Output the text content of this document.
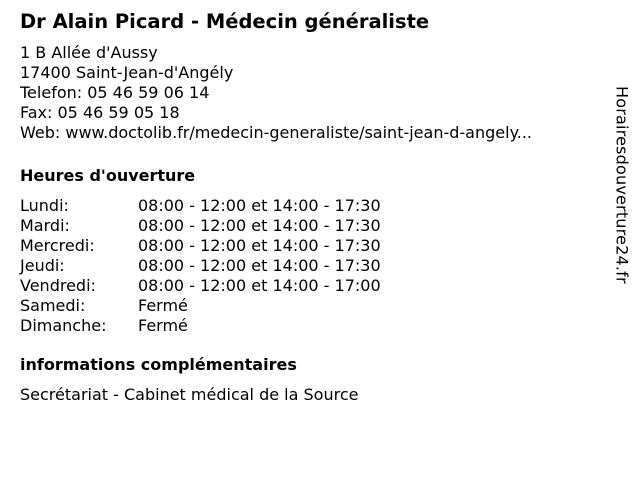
Dr Alain Picard - Médecin généraliste
1 B Allée d'Aussy
17400 Saint-Jean-d'Angély
Telefon: 05 46 59 06 14
Fax: 05 46 59 05 18
Web: www.doctolib.fr/medecin-generaliste/saint-jean-d-angely...
Heures d'ouverture
Lundi:	08:00 - 12:00 et 14:00 - 17:30
Mardi:	08:00 - 12:00 et 14:00 - 17:30
Mercredi:	08:00 - 12:00 et 14:00 - 17:30
Jeudi:	08:00 - 12:00 et 14:00 - 17:30
Vendredi:	08:00 - 12:00 et 14:00 - 17:00
Samedi:	Fermé
Dimanche:	Fermé
informations complémentaires
Secrétariat - Cabinet médical de la Source
Horairesdouverture24.fr
